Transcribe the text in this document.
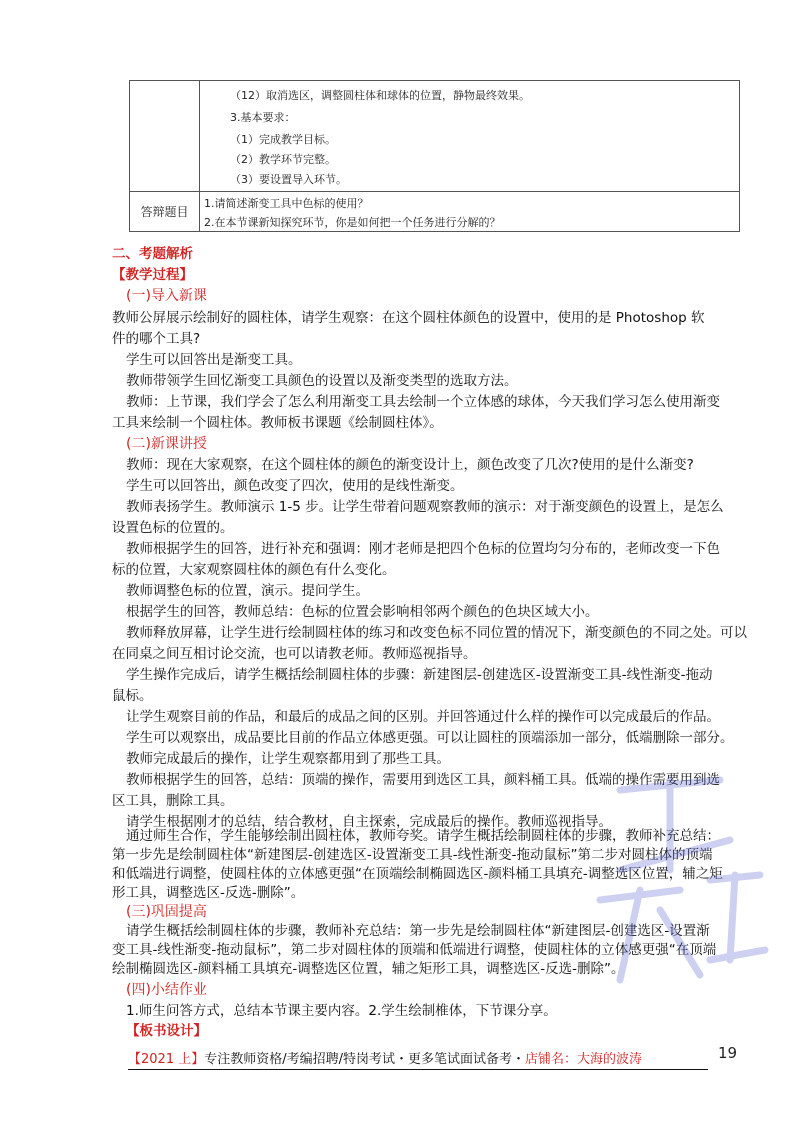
（12）取消选区，调整圆柱体和球体的位置，静物最终效果。
3.基本要求：
（1）完成教学目标。
（2）教学环节完整。
（3）要设置导入环节。
答辩题目
1.请简述渐变工具中色标的使用？
2.在本节课新知探究环节，你是如何把一个任务进行分解的？
二、考题解析
【教学过程】
(一)导入新课
教师公屏展示绘制好的圆柱体，请学生观察：在这个圆柱体颜色的设置中，使用的是 Photoshop 软
件的哪个工具?
学生可以回答出是渐变工具。
教师带领学生回忆渐变工具颜色的设置以及渐变类型的选取方法。
教师：上节课，我们学会了怎么利用渐变工具去绘制一个立体感的球体，今天我们学习怎么使用渐变
工具来绘制一个圆柱体。教师板书课题《绘制圆柱体》。
(二)新课讲授
教师：现在大家观察，在这个圆柱体的颜色的渐变设计上，颜色改变了几次?使用的是什么渐变?
学生可以回答出，颜色改变了四次，使用的是线性渐变。
教师表扬学生。教师演示 1-5 步。让学生带着问题观察教师的演示：对于渐变颜色的设置上，是怎么
设置色标的位置的。
教师根据学生的回答，进行补充和强调：刚才老师是把四个色标的位置均匀分布的，老师改变一下色
标的位置，大家观察圆柱体的颜色有什么变化。
教师调整色标的位置，演示。提问学生。
根据学生的回答，教师总结：色标的位置会影响相邻两个颜色的色块区域大小。
教师释放屏幕，让学生进行绘制圆柱体的练习和改变色标不同位置的情况下，渐变颜色的不同之处。可以
在同桌之间互相讨论交流，也可以请教老师。教师巡视指导。
学生操作完成后，请学生概括绘制圆柱体的步骤：新建图层-创建选区-设置渐变工具-线性渐变-拖动
鼠标。
让学生观察目前的作品，和最后的成品之间的区别。并回答通过什么样的操作可以完成最后的作品。
学生可以观察出，成品要比目前的作品立体感更强。可以让圆柱的顶端添加一部分，低端删除一部分。
教师完成最后的操作，让学生观察都用到了那些工具。
教师根据学生的回答，总结：顶端的操作，需要用到选区工具，颜料桶工具。低端的操作需要用到选
区工具，删除工具。
请学生根据刚才的总结，结合教材，自主探索，完成最后的操作。教师巡视指导。
通过师生合作，学生能够绘制出圆柱体，教师夸奖。请学生概括绘制圆柱体的步骤，教师补充总结：
第一步先是绘制圆柱体“新建图层-创建选区-设置渐变工具-线性渐变-拖动鼠标”第二步对圆柱体的顶端
和低端进行调整，使圆柱体的立体感更强“在顶端绘制椭圆选区-颜料桶工具填充-调整选区位置，辅之矩
形工具，调整选区-反选-删除”。
(三)巩固提高
请学生概括绘制圆柱体的步骤，教师补充总结：第一步先是绘制圆柱体“新建图层-创建选区-设置渐
变工具-线性渐变-拖动鼠标”，第二步对圆柱体的顶端和低端进行调整，使圆柱体的立体感更强“在顶端
绘制椭圆选区-颜料桶工具填充-调整选区位置，辅之矩形工具，调整选区-反选-删除”。
(四)小结作业
1.师生问答方式，总结本节课主要内容。2.学生绘制椎体，下节课分享。
【2021 上】专注教师资格/考编招聘/特岗考试・更多笔试面试备考・店铺名：大海的波涛	19
【板书设计】
